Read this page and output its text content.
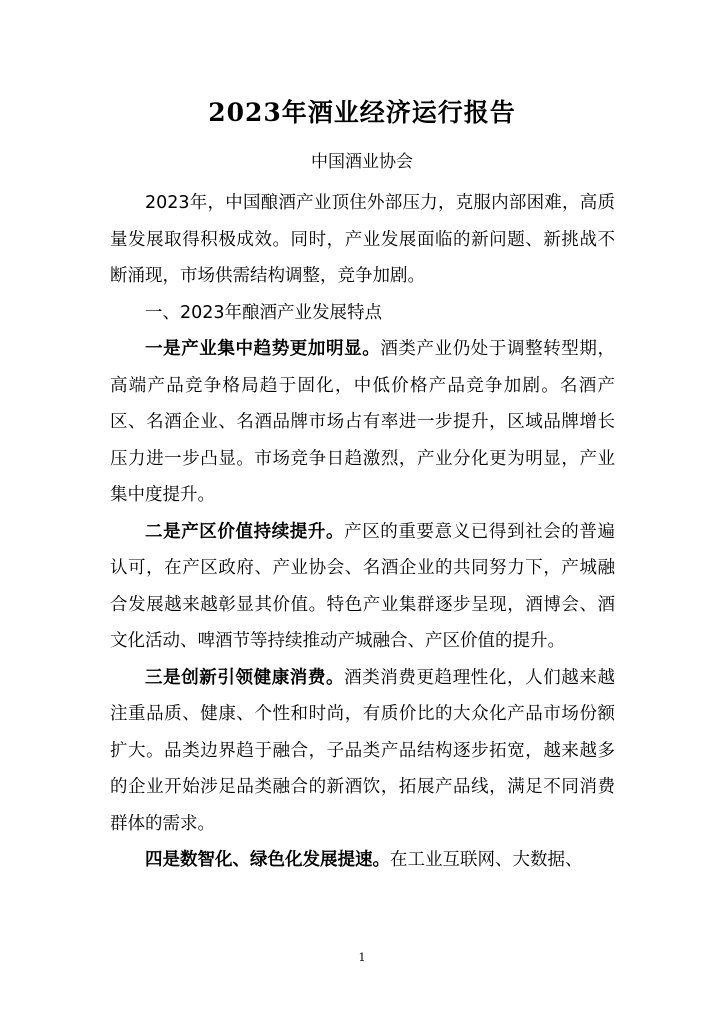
2023年酒业经济运行报告
中国酒业协会

2023年，中国酿酒产业顶住外部压力，克服内部困难，高质量发展取得积极成效。同时，产业发展面临的新问题、新挑战不断涌现，市场供需结构调整，竞争加剧。

一、2023年酿酒产业发展特点

一是产业集中趋势更加明显。酒类产业仍处于调整转型期，高端产品竞争格局趋于固化，中低价格产品竞争加剧。名酒产区、名酒企业、名酒品牌市场占有率进一步提升，区域品牌增长压力进一步凸显。市场竞争日趋激烈，产业分化更为明显，产业集中度提升。

二是产区价值持续提升。产区的重要意义已得到社会的普遍认可，在产区政府、产业协会、名酒企业的共同努力下，产城融合发展越来越彰显其价值。特色产业集群逐步呈现，酒博会、酒文化活动、啤酒节等持续推动产城融合、产区价值的提升。

三是创新引领健康消费。酒类消费更趋理性化，人们越来越注重品质、健康、个性和时尚，有质价比的大众化产品市场份额扩大。品类边界趋于融合，子品类产品结构逐步拓宽，越来越多的企业开始涉足品类融合的新酒饮，拓展产品线，满足不同消费群体的需求。

四是数智化、绿色化发展提速。在工业互联网、大数据、

1
